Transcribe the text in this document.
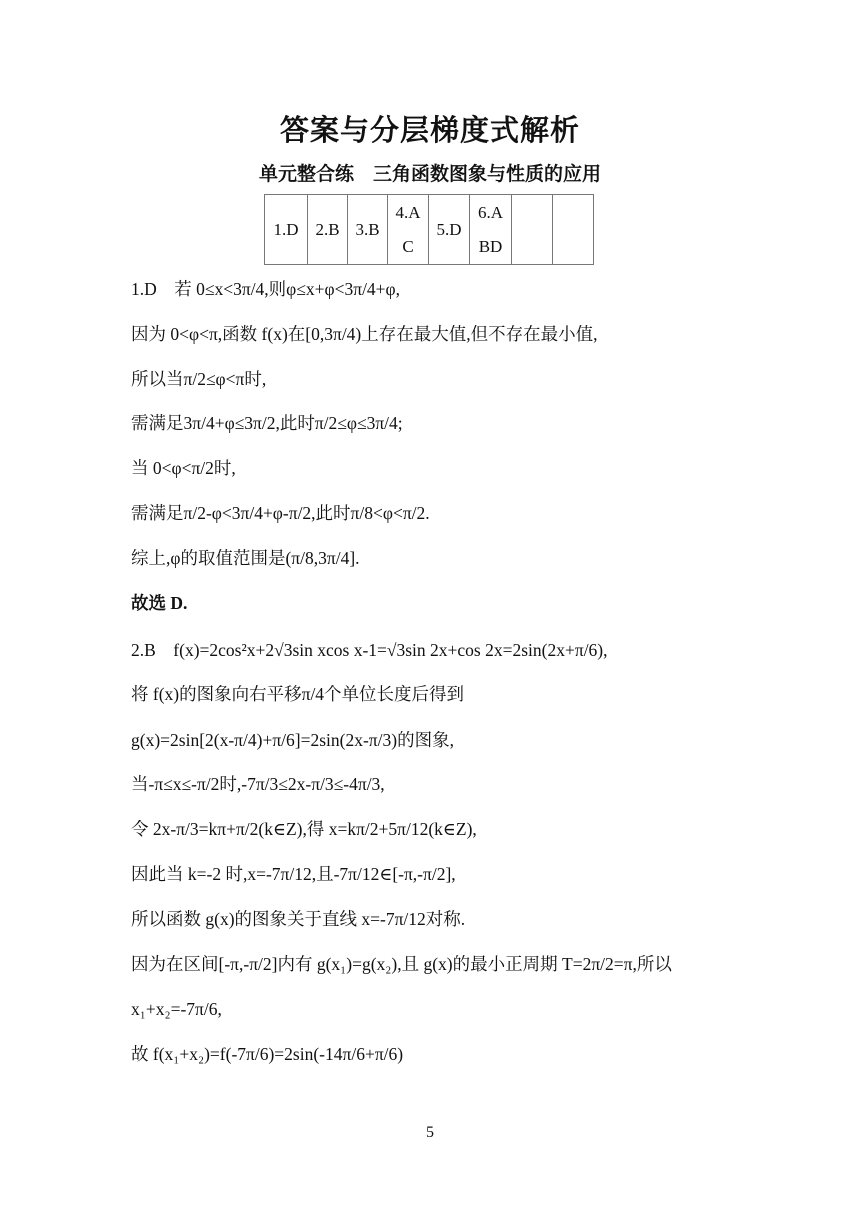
答案与分层梯度式解析
单元整合练　三角函数图象与性质的应用
1.D	2.B	3.B	4.AC	5.D	6.ABD		
1.D　若 0≤x<3π/4,则φ≤x+φ<3π/4+φ,
因为 0<φ<π,函数 f(x)在[0,3π/4)上存在最大值,但不存在最小值,
所以当π/2≤φ<π时,
需满足3π/4+φ≤3π/2,此时π/2≤φ≤3π/4;
当 0<φ<π/2时,
需满足π/2-φ<3π/4+φ-π/2,此时π/8<φ<π/2.
综上,φ的取值范围是(π/8,3π/4].
故选 D.
2.B　f(x)=2cos²x+2√3sin xcos x-1=√3sin 2x+cos 2x=2sin(2x+π/6),
将 f(x)的图象向右平移π/4个单位长度后得到
g(x)=2sin[2(x-π/4)+π/6]=2sin(2x-π/3)的图象,
当-π≤x≤-π/2时,-7π/3≤2x-π/3≤-4π/3,
令 2x-π/3=kπ+π/2(k∈Z),得 x=kπ/2+5π/12(k∈Z),
因此当 k=-2 时,x=-7π/12,且-7π/12∈[-π,-π/2],
所以函数 g(x)的图象关于直线 x=-7π/12对称.
因为在区间[-π,-π/2]内有 g(x₁)=g(x₂),且 g(x)的最小正周期 T=2π/2=π,所以
x₁+x₂=-7π/6,
故 f(x₁+x₂)=f(-7π/6)=2sin(-14π/6+π/6)
5
